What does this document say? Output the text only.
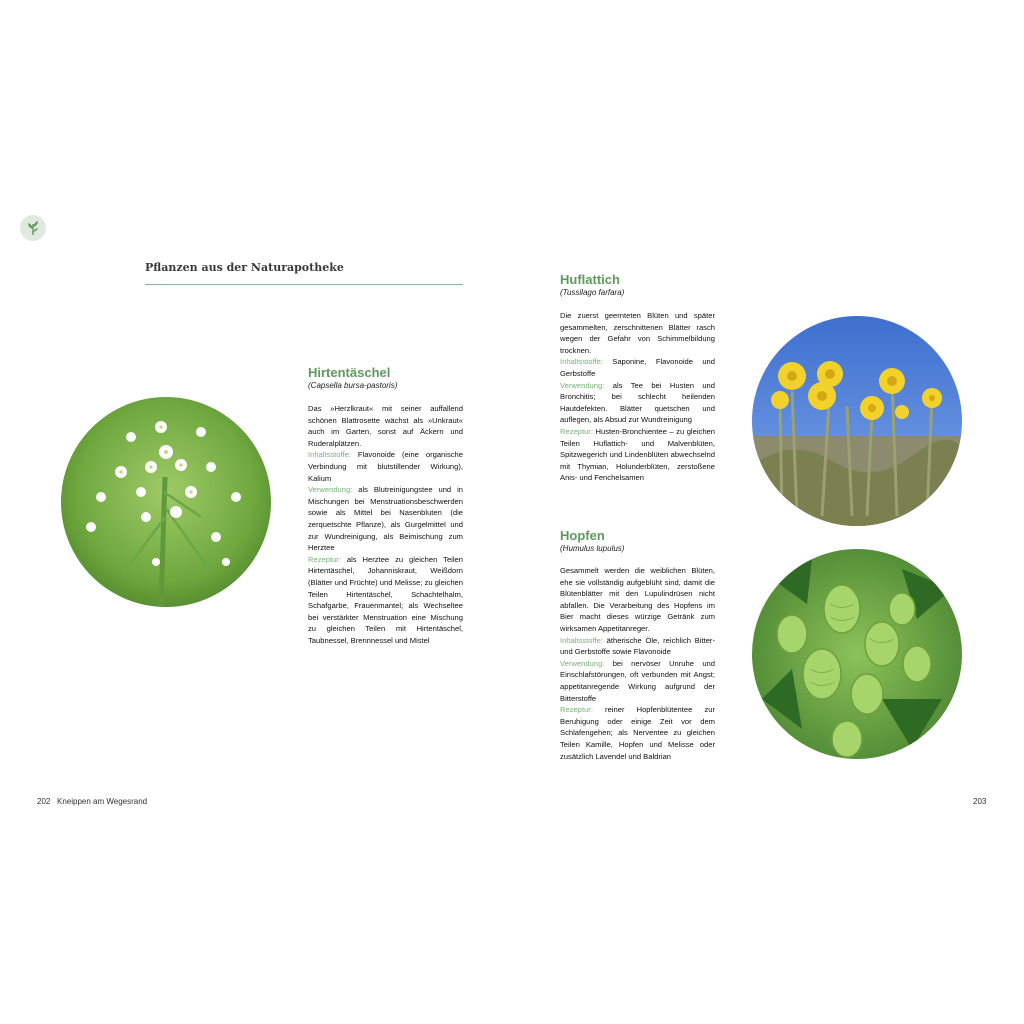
Pflanzen aus der Naturapotheke
Hirtentäschel
(Capsella bursa-pastoris)

Das »Herzlkraut« mit seiner auffallend schönen Blattrosette wächst als »Unkraut« auch im Garten, sonst auf Äckern und Ruderalplätzen.

Inhaltsstoffe: Flavonoide (eine organische Verbindung mit blutstillender Wirkung), Kalium

Verwendung: als Blutreinigungstee und in Mischungen bei Menstruationsbeschwerden sowie als Mittel bei Nasenbluten (die zerquetschte Pflanze), als Gurgelmittel und zur Wundreinigung, als Beimischung zum Herztee

Rezeptur: als Herztee zu gleichen Teilen Hirtentäschel, Johanniskraut, Weißdorn (Blätter und Früchte) und Melisse; zu gleichen Teilen Hirtentäschel, Schachtelhalm, Schafgarbe, Frauenmantel; als Wechseltee bei verstärkter Menstruation eine Mischung zu gleichen Teilen mit Hirtentäschel, Taubnessel, Brennnessel und Mistel

Huflattich
(Tussilago farfara)

Die zuerst geernteten Blüten und später gesammelten, zerschnittenen Blätter rasch wegen der Gefahr von Schimmelbildung trocknen.

Inhaltsstoffe: Saponine, Flavonoide und Gerbstoffe

Verwendung: als Tee bei Husten und Bronchitis; bei schlecht heilenden Hautdefekten. Blätter quetschen und auflegen, als Absud zur Wundreinigung

Rezeptur: Husten-Bronchientee – zu gleichen Teilen Huflattich- und Malvenblüten, Spitzwegerich und Lindenblüten abwechselnd mit Thymian, Holunderblüten, zerstoßene Anis- und Fenchelsamen

Hopfen
(Humulus lupulus)

Gesammelt werden die weiblichen Blüten, ehe sie vollständig aufgeblüht sind, damit die Blütenblätter mit den Lupulindrüsen nicht abfallen. Die Verarbeitung des Hopfens im Bier macht dieses würzige Getränk zum wirksamen Appetitanreger.

Inhaltsstoffe: ätherische Öle, reichlich Bitter- und Gerbstoffe sowie Flavonoide

Verwendung: bei nervöser Unruhe und Einschlafstörungen, oft verbunden mit Angst; appetitanregende Wirkung aufgrund der Bitterstoffe

Rezeptur: reiner Hopfenblütentee zur Beruhigung oder einige Zeit vor dem Schlafengehen; als Nerventee zu gleichen Teilen Kamille, Hopfen und Melisse oder zusätzlich Lavendel und Baldrian

202 Kneippen am Wegesrand	203
